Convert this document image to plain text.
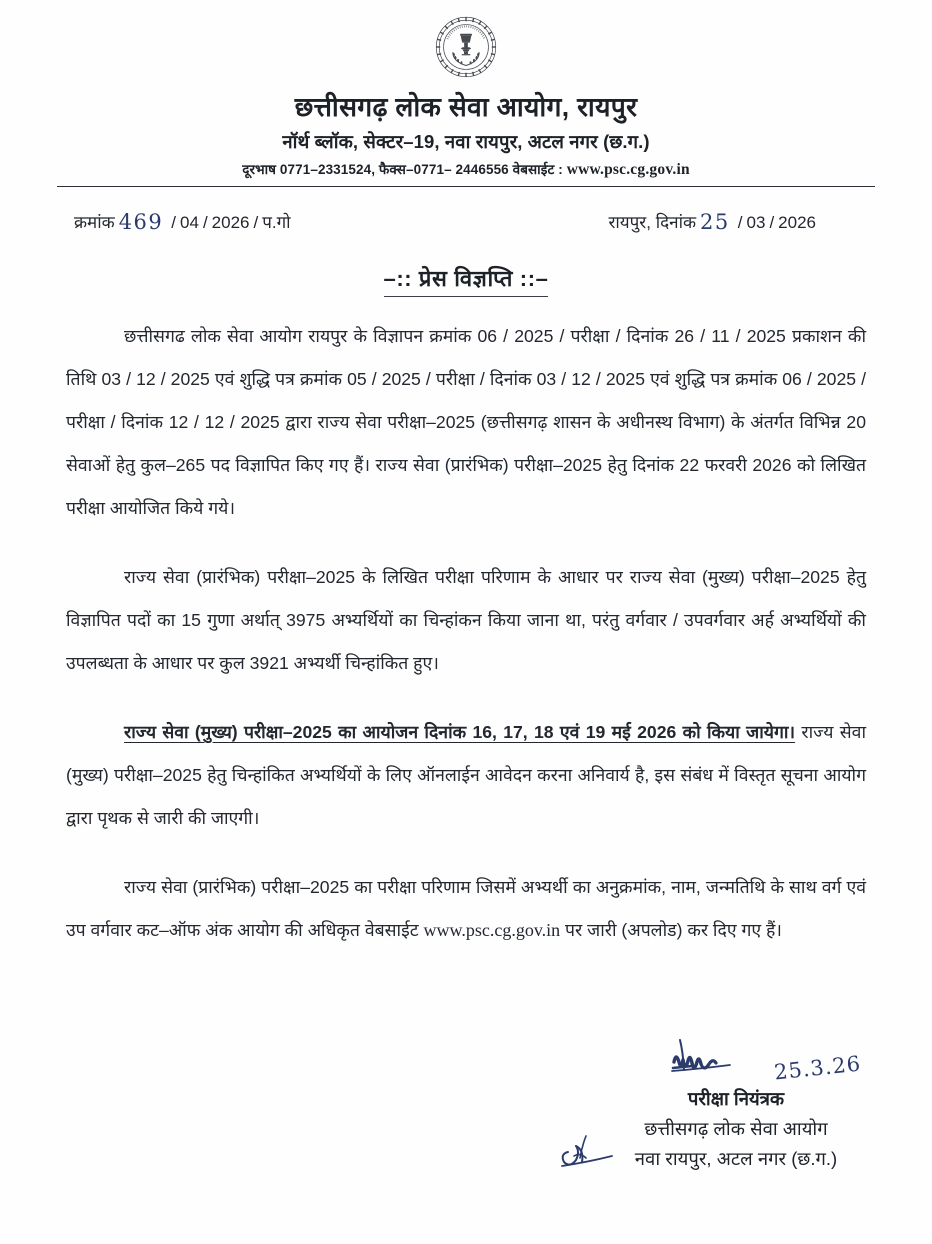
छत्तीसगढ़ लोक सेवा आयोग, रायपुर
नॉर्थ ब्लॉक, सेक्टर–19, नवा रायपुर, अटल नगर (छ.ग.)
दूरभाष 0771–2331524, फैक्स–0771– 2446556 वेबसाईट : www.psc.cg.gov.in
क्रमांक 469 / 04 / 2026 / प.गो	रायपुर, दिनांक 25 / 03 / 2026
–:: प्रेस विज्ञप्ति ::–

छत्तीसगढ लोक सेवा आयोग रायपुर के विज्ञापन क्रमांक 06 / 2025 / परीक्षा / दिनांक 26 / 11 / 2025 प्रकाशन की तिथि 03 / 12 / 2025 एवं शुद्धि पत्र क्रमांक 05 / 2025 / परीक्षा / दिनांक 03 / 12 / 2025 एवं शुद्धि पत्र क्रमांक 06 / 2025 / परीक्षा / दिनांक 12 / 12 / 2025 द्वारा राज्य सेवा परीक्षा–2025 (छत्तीसगढ़ शासन के अधीनस्थ विभाग) के अंतर्गत विभिन्न 20 सेवाओं हेतु कुल–265 पद विज्ञापित किए गए हैं। राज्य सेवा (प्रारंभिक) परीक्षा–2025 हेतु दिनांक 22 फरवरी 2026 को लिखित परीक्षा आयोजित किये गये।

राज्य सेवा (प्रारंभिक) परीक्षा–2025 के लिखित परीक्षा परिणाम के आधार पर राज्य सेवा (मुख्य) परीक्षा–2025 हेतु विज्ञापित पदों का 15 गुणा अर्थात् 3975 अभ्यर्थियों का चिन्हांकन किया जाना था, परंतु वर्गवार / उपवर्गवार अर्ह अभ्यर्थियों की उपलब्धता के आधार पर कुल 3921 अभ्यर्थी चिन्हांकित हुए।

राज्य सेवा (मुख्य) परीक्षा–2025 का आयोजन दिनांक 16, 17, 18 एवं 19 मई 2026 को किया जायेगा। राज्य सेवा (मुख्य) परीक्षा–2025 हेतु चिन्हांकित अभ्यर्थियों के लिए ऑनलाईन आवेदन करना अनिवार्य है, इस संबंध में विस्तृत सूचना आयोग द्वारा पृथक से जारी की जाएगी।

राज्य सेवा (प्रारंभिक) परीक्षा–2025 का परीक्षा परिणाम जिसमें अभ्यर्थी का अनुक्रमांक, नाम, जन्मतिथि के साथ वर्ग एवं उप वर्गवार कट–ऑफ अंक आयोग की अधिकृत वेबसाईट www.psc.cg.gov.in पर जारी (अपलोड) कर दिए गए हैं।

25.3.26
परीक्षा नियंत्रक
छत्तीसगढ़ लोक सेवा आयोग
नवा रायपुर, अटल नगर (छ.ग.)
